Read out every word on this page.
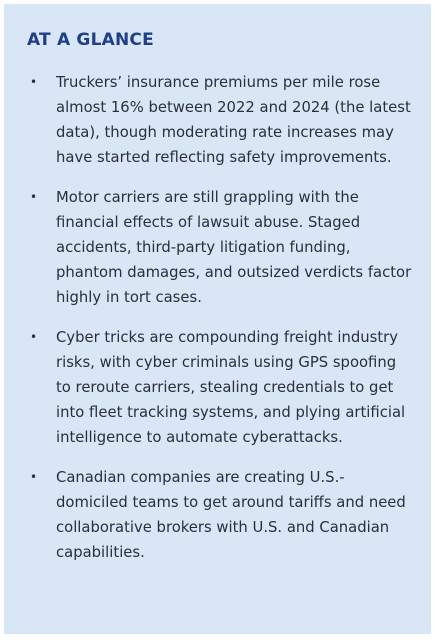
AT A GLANCE
• Truckers’ insurance premiums per mile rose almost 16% between 2022 and 2024 (the latest data), though moderating rate increases may have started reflecting safety improvements.
• Motor carriers are still grappling with the financial effects of lawsuit abuse. Staged accidents, third-party litigation funding, phantom damages, and outsized verdicts factor highly in tort cases.
• Cyber tricks are compounding freight industry risks, with cyber criminals using GPS spoofing to reroute carriers, stealing credentials to get into fleet tracking systems, and plying artificial intelligence to automate cyberattacks.
• Canadian companies are creating U.S.-domiciled teams to get around tariffs and need collaborative brokers with U.S. and Canadian capabilities.
